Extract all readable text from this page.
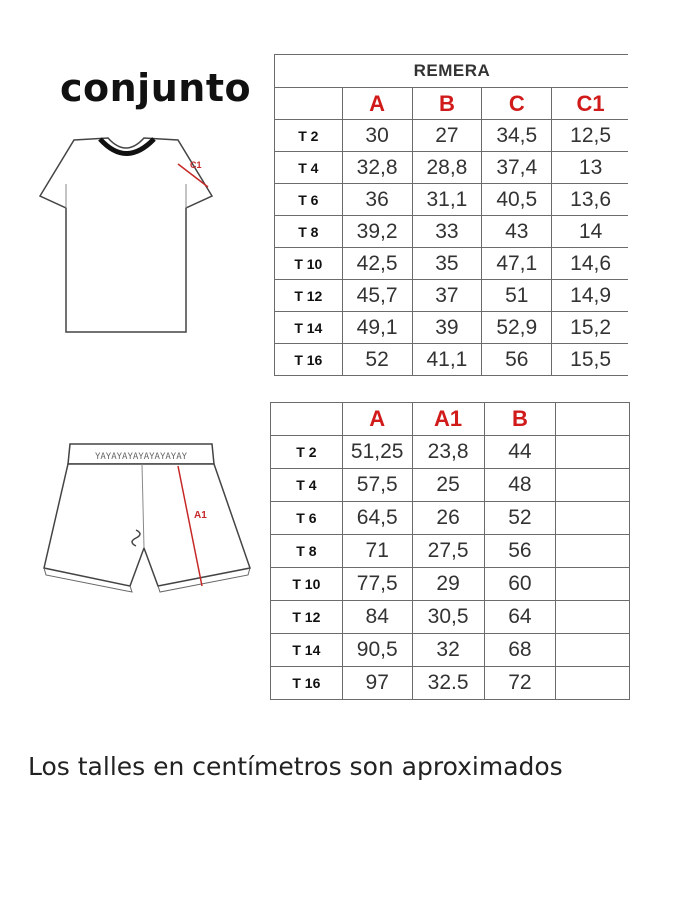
conjunto
C1
YAYAYAYAYAYAYAYAY
A1
REMERA				
	A	B	C	C1
T 2	30	27	34,5	12,5
T 4	32,8	28,8	37,4	13
T 6	36	31,1	40,5	13,6
T 8	39,2	33	43	14
T 10	42,5	35	47,1	14,6
T 12	45,7	37	51	14,9
T 14	49,1	39	52,9	15,2
T 16	52	41,1	56	15,5
	A	A1	B	
T 2	51,25	23,8	44	
T 4	57,5	25	48	
T 6	64,5	26	52	
T 8	71	27,5	56	
T 10	77,5	29	60	
T 12	84	30,5	64	
T 14	90,5	32	68	
T 16	97	32.5	72	
Los talles en centímetros son aproximados
